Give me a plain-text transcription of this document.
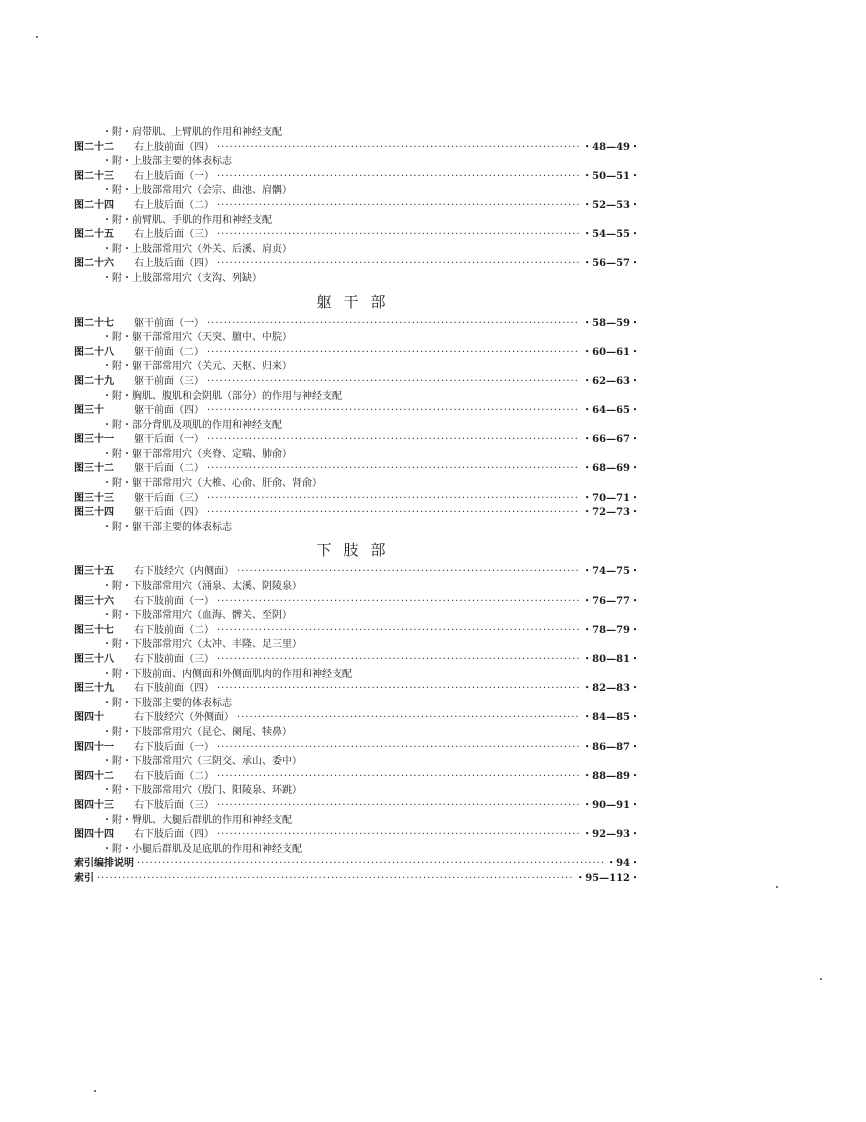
・附・肩带肌、上臂肌的作用和神经支配
图二十二	右上肢前面（四） ·····	・48—49・
・附・上肢部主要的体表标志
图二十三	右上肢后面（一） ·····	・50—51・
・附・上肢部常用穴（会宗、曲池、肩髃）
图二十四	右上肢后面（二） ·····	・52—53・
・附・前臂肌、手肌的作用和神经支配
图二十五	右上肢后面（三） ·····	・54—55・
・附・上肢部常用穴（外关、后溪、肩贞）
图二十六	右上肢后面（四） ·····	・56—57・
・附・上肢部常用穴（支沟、列缺）
躯干部
图二十七	躯干前面（一） ·····	・58—59・
・附・躯干部常用穴（天突、膻中、中脘）
图二十八	躯干前面（二） ·····	・60—61・
・附・躯干部常用穴（关元、天枢、归来）
图二十九	躯干前面（三） ·····	・62—63・
・附・胸肌、腹肌和会阴肌（部分）的作用与神经支配
图三十	躯干前面（四） ·····	・64—65・
・附・部分背肌及项肌的作用和神经支配
图三十一	躯干后面（一） ·····	・66—67・
・附・躯干部常用穴（夹脊、定喘、肺俞）
图三十二	躯干后面（二） ·····	・68—69・
・附・躯干部常用穴（大椎、心俞、肝俞、肾俞）
图三十三	躯干后面（三） ·····	・70—71・
图三十四	躯干后面（四） ·····	・72—73・
・附・躯干部主要的体表标志
下肢部
图三十五	右下肢经穴（内侧面） ·····	・74—75・
・附・下肢部常用穴（涌泉、太溪、阴陵泉）
图三十六	右下肢前面（一） ·····	・76—77・
・附・下肢部常用穴（血海、髀关、至阴）
图三十七	右下肢前面（二） ·····	・78—79・
・附・下肢部常用穴（太冲、丰隆、足三里）
图三十八	右下肢前面（三） ·····	・80—81・
・附・下肢前面、内侧面和外侧面肌肉的作用和神经支配
图三十九	右下肢前面（四） ·····	・82—83・
・附・下肢部主要的体表标志
图四十	右下肢经穴（外侧面） ·····	・84—85・
・附・下肢部常用穴（昆仑、阑尾、犊鼻）
图四十一	右下肢后面（一） ·····	・86—87・
・附・下肢部常用穴（三阴交、承山、委中）
图四十二	右下肢后面（二） ·····	・88—89・
・附・下肢部常用穴（殷门、阳陵泉、环跳）
图四十三	右下肢后面（三） ·····	・90—91・
・附・臀肌、大腿后群肌的作用和神经支配
图四十四	右下肢后面（四） ·····	・92—93・
・附・小腿后群肌及足底肌的作用和神经支配
索引编排说明 ·····	・94・
索引 ·····	・95—112・
